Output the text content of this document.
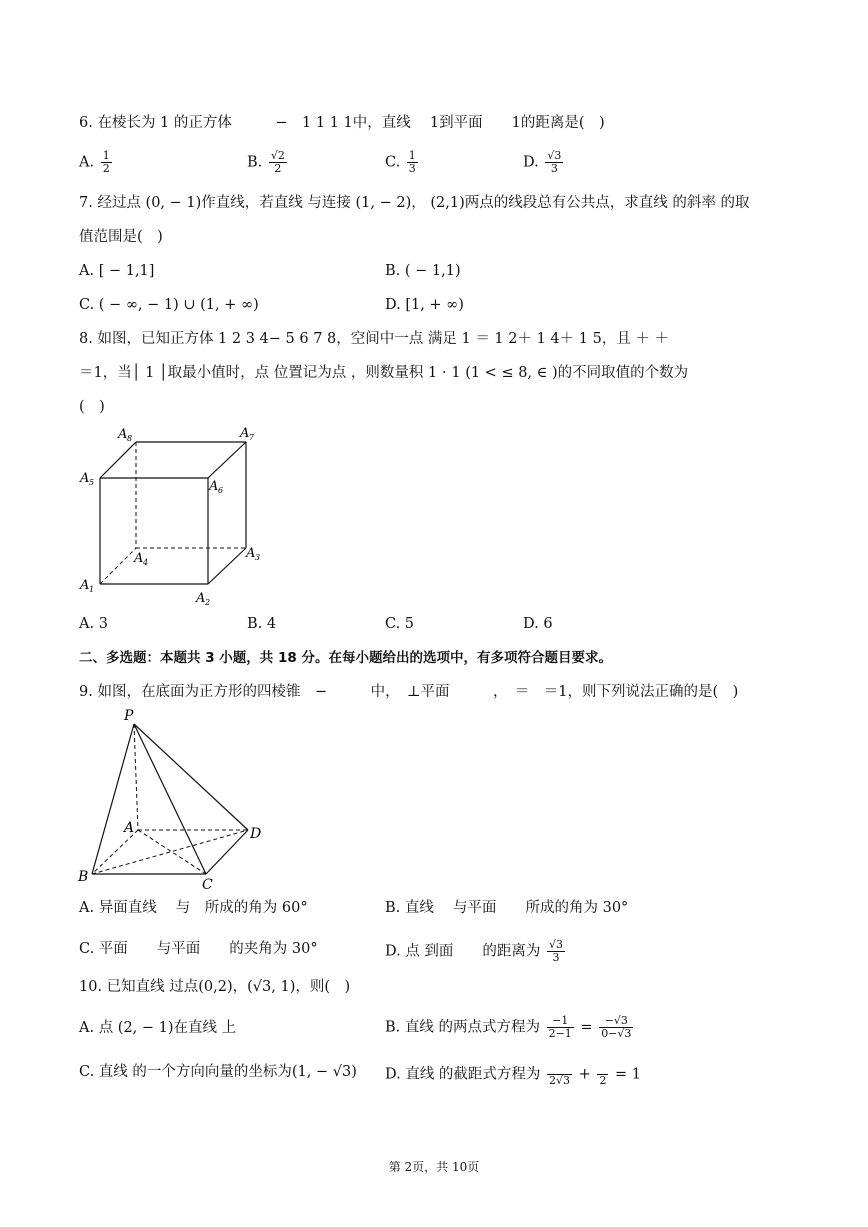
6. 在棱长为 1 的正方体　　　−　1 1 1 1中，直线　 1到平面　　1的距离是(　)
A. $\frac{1}{2}$	B. $\frac{√2}{2}$	C. $\frac{1}{3}$	D. $\frac{√3}{3}$
7. 经过点 (0, − 1)作直线，若直线 与连接 (1, − 2)， (2,1)两点的线段总有公共点，求直线 的斜率 的取
值范围是(　)
A. [ − 1,1]	B. ( − 1,1)
C. ( − ∞, − 1) ∪ (1, + ∞)	D. [1, + ∞)
8. 如图，已知正方体 1 2 3 4− 5 6 7 8，空间中一点 满足 1 ＝ 1 2＋ 1 4＋ 1 5，且 ＋ ＋
＝1，当│ 1 │取最小值时，点 位置记为点 ，则数量积 1 ⋅ 1 (1 < ≤ 8, ∈ )的不同取值的个数为
(　)
A 8	A 7
A 5	A 6
A 4
A 3
A 1
A 2
A. 3	B. 4	C. 5	D. 6
二、多选题：本题共 3 小题，共 18 分。在每小题给出的选项中，有多项符合题目要求。
9. 如图，在底面为正方形的四棱锥　−　　　中，　⊥平面　　　，　＝　＝1，则下列说法正确的是(　)
P
A	D
B	C
A. 异面直线　 与　所成的角为 60°	B. 直线　 与平面　　所成的角为 30°
C. 平面　　与平面　　的夹角为 30°	D. 点 到面　　的距离为 $\frac{√3}{3}$
10. 已知直线 过点(0,2)，(√3, 1)，则(　)
A. 点 (2, − 1)在直线 上	B. 直线 的两点式方程为 $\frac{-1}{2-1} = \frac{-√3}{0-√3}$
C. 直线 的一个方向向量的坐标为(1, − √3) D. 直线 的截距式方程为
2√3 +
2 = 1
第 2页，共 10页
